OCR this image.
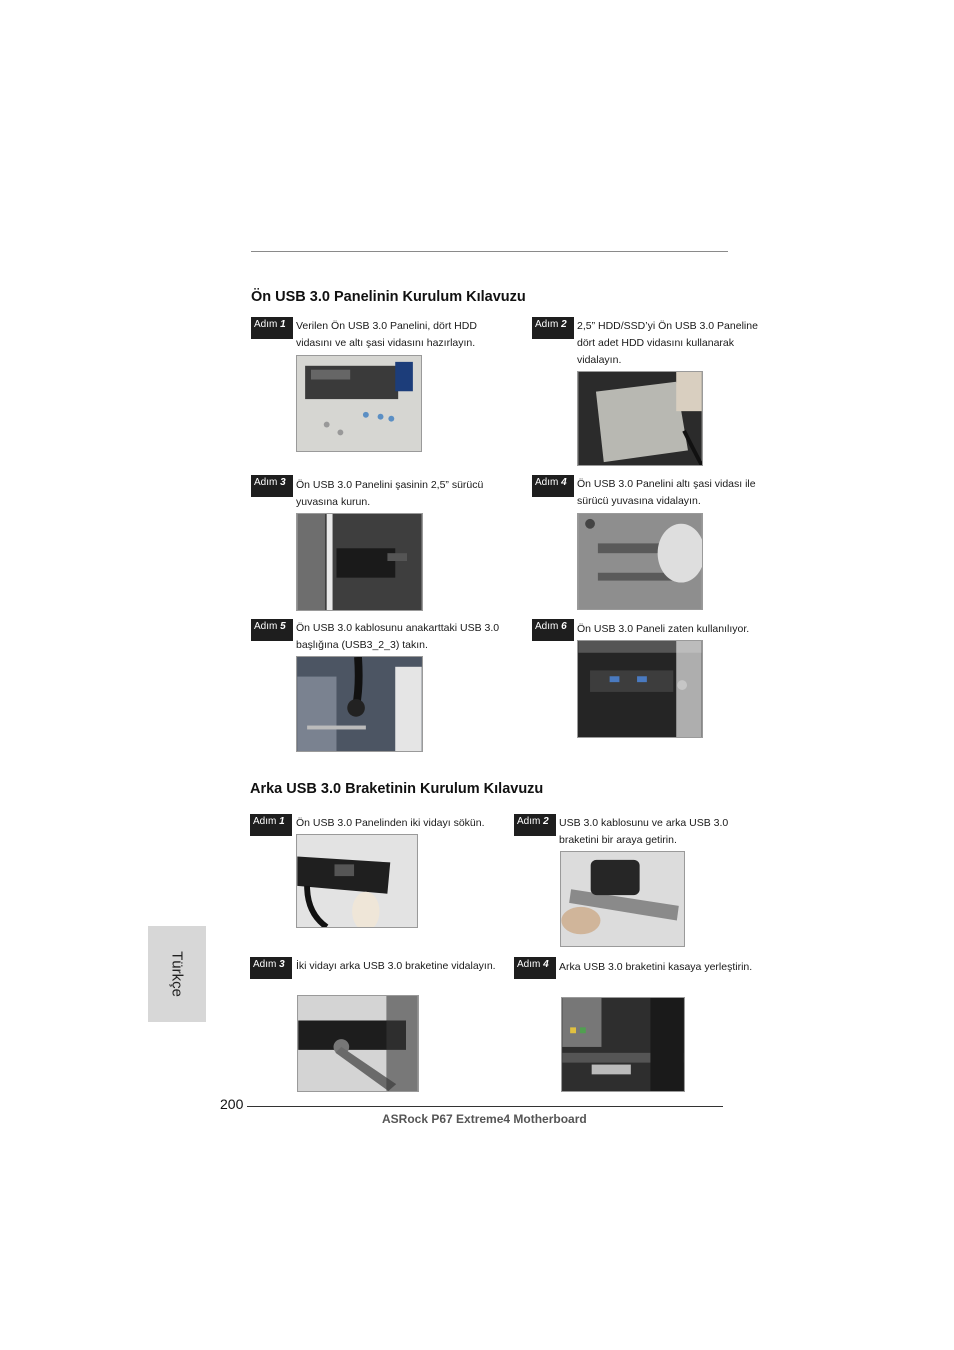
Ön USB 3.0 Panelinin Kurulum Kılavuzu
Adım 1 Verilen Ön USB 3.0 Panelini, dört HDD vidasını ve altı şasi vidasını hazırlayın.
Adım 2 2,5” HDD/SSD’yi Ön USB 3.0 Paneline dört adet HDD vidasını kullanarak vidalayın.
Adım 3 Ön USB 3.0 Panelini şasinin 2,5” sürücü yuvasına kurun.
Adım 4 Ön USB 3.0 Panelini altı şasi vidası ile sürücü yuvasına vidalayın.
Adım 5 Ön USB 3.0 kablosunu anakarttaki USB 3.0 başlığına (USB3_2_3) takın.
Adım 6 Ön USB 3.0 Paneli zaten kullanılıyor.
Arka USB 3.0 Braketinin Kurulum Kılavuzu
Adım 1	Ön USB 3.0 Panelinden iki vidayı sökün.	Adım 2 USB 3.0 kablosunu ve arka USB 3.0 braketini bir araya getirin.
Adım 3	İki vidayı arka USB 3.0 braketine vidalayın.	Adım 4 Arka USB 3.0 braketini kasaya yerleştirin.
Türkçe
200
ASRock P67 Extreme4 Motherboard
